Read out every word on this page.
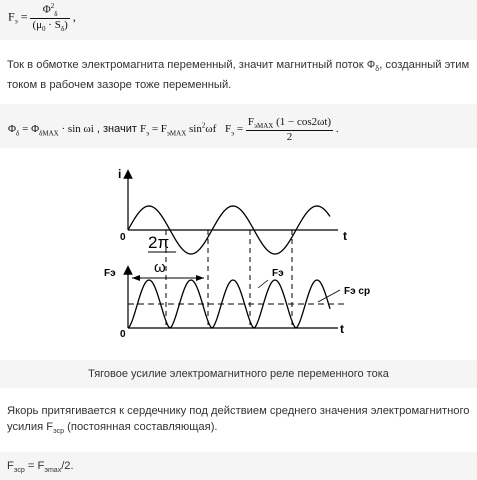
$F_э = \frac{\Phi^2_\delta}{(\mu_0 \cdot S_\delta)}$ ,
Ток в обмотке электромагнита переменный, значит магнитный поток $Ф_\delta$, созданный этим током в рабочем зазоре тоже переменный.
$\Phi_\delta = \Phi_{\delta MAX} \cdot \sin \omega i$ , значит $F_э = F_{эMAX}$ $\sin^2\omega f$ $F_э = \frac{F_{эMAX} (1 - \cos 2\omega t)}{2}$ .
i
t
0 2π
ω
t
0
Fэ	Fэ
Fэ ср
Тяговое усилие электромагнитного реле переменного тока
Якорь притягивается к сердечнику под действием среднего значения электромагнитного усилия $F_{эср}$ (постоянная составляющая).
$F_{эср} = F_{эmax}/2$.
